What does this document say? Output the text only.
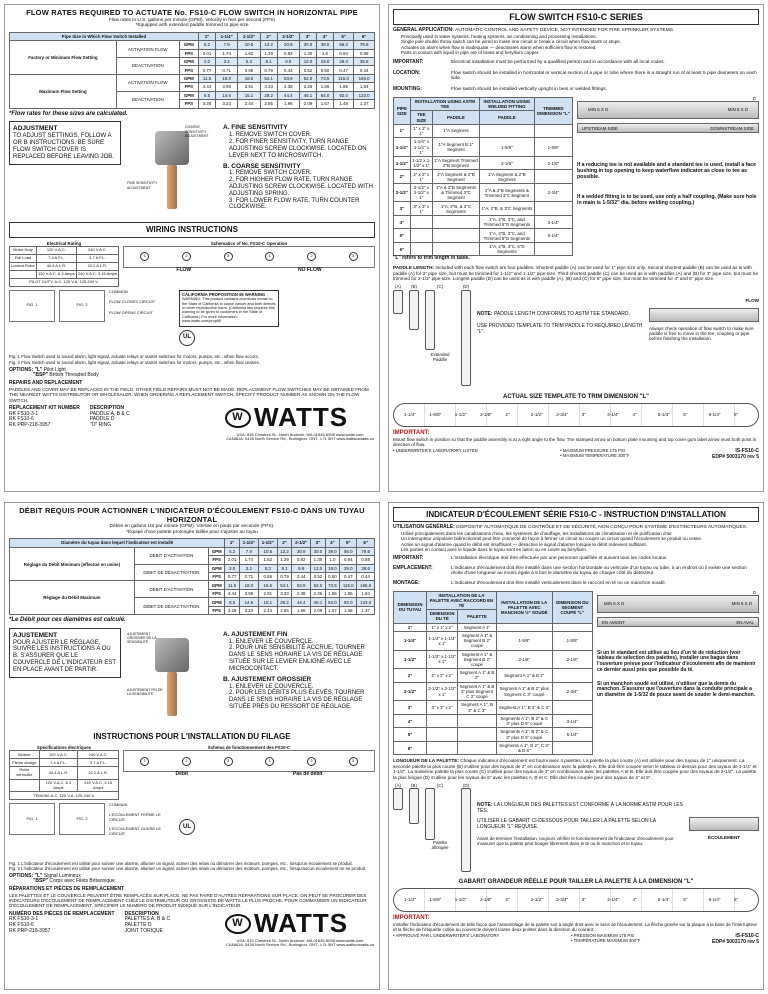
FLOW RATES REQUIRED TO ACTUATE No. FS10-C FLOW SWITCH IN HORIZONTAL PIPE
Flow rates in U.S. gallons per minute (GPM), Velocity in feet per second (FPS)
*Equipped with extended paddle trimmed to pipe size
Pipe Size in Which Flow Switch Installed			1"	1-1/4"	1-1/2"	2"	2-1/2"	3"	4"	5"	6"
Factory or Minimum Flow Setting	ACTIVATION FLOW	GPM	5.2	7.9	10.5	13.2	20.9	30.0	39.0	56.0	79.9
		FPS	2.01	1.74	1.62	1.29	0.92	1.30	1.0	0.94	0.88
	DEACTIVATION	GPM	2.0	3.2	5.3	8.1	9.9	12.0	19.0	29.0	39.6
		FPS	0.77	0.71	0.86	0.79	0.44	0.52	0.50	0.47	0.44
Maximum Flow Setting	ACTIVATION FLOW	GPM	11.5	18.0	18.6	54.1	53.9	52.0	73.5	115.0	166.0
		FPS	4.44	3.98	2.91	3.33	2.38	2.26	1.86	1.85	1.84
	DEACTIVATION	GPM	8.5	14.6	15.1	29.2	44.4	46.1	64.0	92.0	123.0
		FPS	3.28	3.23	2.44	2.65	1.96	2.09	1.67	1.48	1.37
*Flow rates for these sizes are calculated.
ADJUSTMENT
TO ADJUST SETTINGS, FOLLOW A OR B INSTRUCTIONS. BE SURE FLOW SWITCH COVER IS REPLACED BEFORE LEAVING JOB.
COARSE SENSITIVITY ADJUSTMENT
FINE SENSITIVITY ADJUSTMENT
A. FINE SENSITIVITY
1. REMOVE SWITCH COVER.
2. FOR FINER SENSITIVITY, TURN RANGE ADJUSTING SCREW CLOCKWISE. LOCATED ON LEVER NEXT TO MICROSWITCH.
B. COARSE SENSITIVITY
1. REMOVE SWITCH COVER.
2. FOR HIGHER FLOW RATE, TURN RANGE ADJUSTING SCREW CLOCKWISE. LOCATED WITH ADJUSTING SPRING.
3. FOR LOWER FLOW RATE, TURN COUNTER CLOCKWISE.
WIRING INSTRUCTIONS
Electrical Rating
Motor Duty	120 V.A.C.	240 V.A.C.
Full Load	7.4 A F.L.	3.7 A F.L.
Locked Rotor	44.4 A L.R.	22.2 A L.R.
	120 V.A.C. 6.3 Amps	240 V.A.C. 3.15 Amps
PILOT DUTY: A.C. 125 V.A. 125-240 V.		
Schematics of No. FS10-C Operation
1	2	3	1	2	3
FLOW	NO FLOW
FIG. 1	FIG. 2
COMMON
FLOW CLOSES CIRCUIT
FLOW OPENS CIRCUIT
CALIFORNIA PROPOSITION 65 WARNING
WARNING: This product contains chemicals known to the State of California to cause cancer and birth defects or other reproductive harm. (California law requires this warning to be given to customers in the State of California.) For more information: www.watts.com/prop65
UL
Fig. 1 Flow Switch used to sound alarm, light signal, actuate relays or starter switches for motors, pumps, etc., when flow occurs.
Fig. 2 Flow Switch used to sound alarm, light signal, actuate relays or starter switches for motors, pumps, etc., when flow ceases.
OPTIONS: "L" Pilot Light
"BSP" British Threaded Body
REPAIRS AND REPLACEMENT
PADDLES AND COVER MAY BE REPLACED IN THE FIELD. OTHER FIELD REPAIRS MUST NOT BE MADE. REPLACEMENT FLOW SWITCHES MAY BE OBTAINED FROM THE NEAREST WATTS DISTRIBUTOR OR WHOLESALER. WHEN ORDERING A REPLACEMENT SWITCH, SPECIFY PRODUCT NUMBER AS SHOWN ON THE FLOW SWITCH.
REPLACEMENT KIT NUMBER
RK FS10-3-1
RK FS10-6
RK PRP-218-3957
DESCRIPTION
PADDLE A, B & C
PADDLE D
"O" RING
W WATTS
USA: 815 Chestnut St., North Andover, MA 01845-6098 www.watts.com
CANADA: 5435 North Service Rd., Burlington, ONT., L7L 5H7 www.wattscanada.ca
FLOW SWITCH FS10-C SERIES
GENERAL APPLICATION: AUTOMATIC CONTROL AND SAFETY DEVICE, NOT INTENDED FOR FIRE SPRINKLER SYSTEMS.
Principally used in water systems, heating systems, air conditioning and processing installations.
Single pole double throw switch can be wired to make one circuit or break a circuit when flow starts or stops.
Actuates an alarm when flow is inadequate — deactivates alarm when sufficient flow is restored.
Parts in contact with liquid in pipe are of brass and beryllium copper.
IMPORTANT:	Electrical installation must be performed by a qualified person and in accordance with all local codes.
LOCATION:	Flow switch should be installed in horizontal or vertical section of a pipe or tube where there is a straight run of at least 5 pipe diameters on each side.
MOUNTING:	Flow switch should be installed vertically upright in tees or welded fittings.
PIPE SIZE	INSTALLATION USING ASTM TEE		INSTALLATION USING WELDED FITTING	TRIMMED DIMENSION "L"
	TEE SIZE	PADDLE	PADDLE	
1"	1" x 1" x 1"	1"A Segment		
1-1/4"	1-1/4" x 1-1/4" x 1"	1"A Segment B 1" Segment	1-5/8"	1-5/8"
1-1/2"	1-1/2 x 1-1/2" x 1"	1"A Segment Trimmed 2"B Segment	2-1/8"	2-1/8"
2"	2" x 2" x 1"	1"A Segment & 2"B Segment	1"A Segment & 2"B Segment	
2-1/2"	2-1/2" x 2-1/2" x 1"	1"A & 2"B Segments & Trimmed 3"C Segment	1"A & 2"B Segments & Trimmed 3"C Segment	2-3/4"
3"	3" x 3" x 1"	1"A, 2"B, & 3"C Segments	1"A, 2"B, & 3"C Segments	
4"			1"A, 2"B, 3"C, and Trimmed 6"D Segments	3-1/4"
5"			1"A, 2"B, 3"C, and Trimmed 6"D Segments	5-1/4"
6"			1"A, 2"B, 3"C, 6"D Segments	
MIN 5 X D	MIN 5 X D
D
UPSTREAM SIDE	DOWNSTREAM SIDE
If a reducing tee is not available and a standard tee is used, install a face bushing in top opening to keep waterflow indicator as close to tee as possible.
If a welded fitting is to be used, use only a half coupling. (Make sure hole in main is 1-5/32" dia. before welding coupling.)
"L" refers to trim length in table.
PADDLE LENGTH: Included with each flow switch are four paddles. Shortest paddle (A) can be used for 1" pipe size only. Second shortest paddle (B) can be used as is with paddle (A) for 2" pipe size, but must be trimmed for 1-1/4" and 1-1/2" pipe size. Third shortest paddle (C) can be used as is with paddles (A) and (B) for 3" pipe size, but must be trimmed for 2-1/2" pipe size. Longest paddle (D) can be used as is with paddle (A), (B) and (C) for 6" pipe size, but must be trimmed for 4" and 5" pipe size.
(A)	(B)	(C)
Extended Paddle
(D)
NOTE: PADDLE LENGTH CONFORMS TO ASTM TEE STANDARD.
USE PROVIDED TEMPLATE TO TRIM PADDLE TO REQUIRED LENGTH "L".
FLOW
Always check operation of flow switch to make sure paddle is free to move in the tee, coupling or pipe before finishing the installation.
ACTUAL SIZE TEMPLATE TO TRIM DIMENSION "L"
1-1/4"	1-5/8"	1-1/2"	2-1/8"	2"	2-1/2"	2-3/4"	3"	3-1/4"	4"	5-1/4"	5"	6-1/4"	6"
IMPORTANT:
Mount flow switch in position so that the paddle assembly is at a right angle to the flow. The stamped arrow on bottom plate mounting and top cover gum label arrow must both point in direction of flow.
• UNDERWRITER'S LABORATORY LISTED	• MAXIMUM PRESSURE 175 PSI
• MAXIMUM TEMPERATURE 300°F
IS-FS10-C
EDP# 5003170 rev 5
DÉBIT REQUIS POUR ACTIONNER L'INDICATEUR D'ÉCOULEMENT FS10-C DANS UN TUYAU HORIZONTAL
Débits en gallons US par minute (GPM), Vitesse en pieds par seconde (FPS).
*Équipé d'une palette prolongée taillée pour s'ajuster au tuyau
Diamètre du tuyau dans lequel l'indicateur est installé			1"	1-1/4"	1-1/2"	2"	2-1/2"	3"	4"	5"	6"
Réglage du Débit Minimum (effectué en usine)	DÉBIT D'ACTIVATION	GPM	5.2	7.9	10.5	13.2	20.9	30.0	39.0	56.0	79.9
		FPS	2.01	1.74	1.62	1.29	0.92	1.30	1.0	0.94	0.88
	DÉBIT DE DÉSACTIVATION	GPM	2.0	3.2	5.3	8.1	9.9	12.0	19.0	29.0	39.6
		FPS	0.77	0.71	0.86	0.79	0.44	0.52	0.50	0.47	0.44
Réglage du Débit Maximum	DÉBIT D'ACTIVATION	GPM	11.5	18.0	18.6	54.1	53.9	52.0	73.5	115.0	166.0
		FPS	4.44	3.98	2.91	3.33	2.38	2.26	1.86	1.85	1.84
	DÉBIT DE DÉSACTIVATION	GPM	8.5	14.6	15.1	29.2	44.4	46.1	64.0	92.0	123.0
		FPS	3.28	3.23	2.44	2.65	1.96	2.09	1.67	1.48	1.37
*Le Débit pour ces diamètres est calculé.
AJUSTEMENT
POUR AJUSTER LE RÉGLAGE, SUIVRE LES INSTRUCTIONS A OU B. S'ASSURER QUE LE COUVERCLE DE L'INDICATEUR EST EN PLACE AVANT DE PARTIR.
AJUSTEMENT GROSSIER DE LA SENSIBILITÉ
AJUSTEMENT FIN DE LA SENSIBILITÉ
A. AJUSTEMENT FIN
1. ENLEVER LE COUVERCLE.
2. POUR UNE SENSIBILITÉ ACCRUE, TOURNER DANS LE SENS HORAIRE LA VIS DE RÉGLAGE SITUÉE SUR LE LEVIER ENLIGNÉ AVEC LE MICROCONTACT.
B. AJUSTEMENT GROSSIER
1. ENLEVER LE COUVERCLE.
2. POUR LES DÉBITS PLUS ÉLEVÉS, TOURNER DANS LE SENS HORAIRE LA VIS DE RÉGLAGE SITUÉE PRÈS DU RESSORT DE RÉGLAGE.
INSTRUCTIONS POUR L'INSTALLATION DU FILAGE
Spécifications électriques
Moteur	120 V.A.C.	240 V.A.C.
Pleine charge	7.4 A F.L.	3.7 A F.L.
Rotor verrouillé	44.4 A L.R.	22.2 A L.R.
	120 V.A.C. 6.3 Amps	240 V.A.C. 3.15 Amps
TÉMOIN: A.C. 125 V.A. 125-240 V.		
Schéma de fonctionnement des FS10-C
1	2	3	1	2	3
Débit	Pas de débit
FIG. 1	FIG. 2
COMMUN
L'ÉCOULEMENT FERME LE CIRCUIT
L'ÉCOULEMENT OUVRE LE CIRCUIT
UL
Fig. 1 L'indicateur d'écoulement est utilisé pour sonner une alarme, allumer un signal, activer des relais ou démarrer des moteurs, pompes, etc., lorsqu'un écoulement se produit.
Fig. 2 L'indicateur d'écoulement est utilisé pour sonner une alarme, allumer un signal, activer des relais ou démarrer des moteurs, pompes, etc., lorsqu'aucun écoulement ne se produit.
OPTIONS: "L" Signal Lumineux
"BSP" Corps avec Filets Britannique
RÉPARATIONS ET PIÈCES DE REMPLACEMENT
LES PALETTES ET LE COUVERCLE PEUVENT ÊTRE REMPLACÉS SUR PLACE. NE PAS FAIRE D'AUTRES RÉPARATIONS SUR PLACE. ON PEUT SE PROCURER DES INDICATEURS D'ÉCOULEMENT DE REMPLACEMENT CHEZ LE DISTRIBUTEUR OU GROSSISTE DE WATTS LE PLUS PROCHE. POUR COMMANDER UN INDICATEUR D'ÉCOULEMENT DE REMPLACEMENT, SPÉCIFIER LE NUMÉRO DE PRODUIT INDIQUÉ SUR L'INDICATEUR.
NUMÉRO DES PIÈCES DE REMPLACEMENT
RK FS10-3-1
RK FS10-6
RK PRP-218-3957
DESCRIPTION
PALETTES A, B & C
PALETTE D
JOINT TORIQUE
W WATTS
USA: 815 Chestnut St., North Andover, MA 01845-6098 www.watts.com
CANADA: 5435 North Service Rd., Burlington, ONT., L7L 5H7 www.wattscanada.ca
INDICATEUR D'ÉCOULEMENT SÉRIE FS10-C - INSTRUCTION D'INSTALLATION
UTILISATION GÉNÉRALE: DISPOSITIF AUTOMATIQUE DE CONTRÔLE ET DE SÉCURITÉ, NON CONÇU POUR SYSTÈME D'EXTINCTEURS AUTOMATIQUES.
Utilisé principalement dans les canalisations d'eau, les systèmes de chauffage, les installations de climatisation et de purification d'air.
Un interrupteur unipolaire bidirectionnel peut être connecté de façon à fermer un circuit ou couper un circuit quand l'écoulement se produit ou cesse.
Active un signal d'alarme quand le débit est insuffisant — désactive le signal d'alarme lorsque le débit redevient suffisant.
Les parties en contact avec le liquide dans le tuyau sont en laiton ou en cuivre au béryllium.
IMPORTANT:	L'installation électrique doit être effectuée par une personne qualifiée et suivant tous les codes locaux.
EMPLACEMENT:	L'indicateur d'écoulement doit être installé dans une section horizontale ou verticale d'un tuyau ou tube, à un endroit où il existe une section droite d'une longueur au moins égale à 5 fois le diamètre du tuyau de chaque côté du détecteur.
MONTAGE:	L'indicateur d'écoulement doit être installé verticalement dans le raccord en té ou un manchon soudé.
DIMENSION DU TUYAU	INSTALLATION DE LA PALETTE AVEC RACCORD EN TÉ		INSTALLATION DE LA PALETTE AVEC MANCHON ½" SOUDÉ	DIMENSION DU SEGMENT COUPÉ "L"
	DIMENSION DU TÉ	PALETTE		
1"	1" x 1" x 1"	Segment A 1"		
1-1/4"	1-1/4" x 1-1/4" x 1"	Segment A 1" & Segment B 2" coupé	1-5/8"	1-5/8"
1-1/2"	1-1/2" x 1-1/2" x 1"	Segment A 1" & Segment B 2" coupé	2-1/8"	2-1/8"
2"	2" x 2" x 1"	Segment A 1" & B 2"	Segment A 1" & B 2"	
2-1/2"	2-1/2" x 2-1/2" x 1"	Segment A 1" & B 2" plus Segment C 3" coupé	Segment A 1" & B 2" plus Segment C 3" coupé	2-3/4"
3"	3" x 3" x 1"	Segment A 1", B 2" & C 3"	Segment A 1", B 2" & C 3"	
4"			Segments A 1", B 2" & C 3" plus D 6" coupé	3-1/4"
5"			Segments A 1", B 2" & C 3" plus D 6" coupé	5-1/4"
6"			Segments A 1", B 2", C 3" & D 6"	
MIN 5 X D	MIN 5 X D
D
EN AMONT	EN AVAL
Si un té standard est utilisé au lieu d'un té de réduction (voir tableau de sélection des palettes), installer une bague dans l'ouverture prévue pour l'indicateur d'écoulement afin de maintenir ce dernier aussi près que possible du té.
Si un manchon soudé est utilisé, n'utiliser que la demie du manchon. S'assurer que l'ouverture dans la conduite principale a un diamètre de 1-5/32 de pouce avant de souder le demi-manchon.
LONGUEUR DE LA PALETTE: Chaque indicateur d'écoulement est fourni avec 4 palettes. La palette la plus courte (A) est utilisée pour des tuyaux de 1" uniquement. La seconde palette la plus courte (B) s'utilise pour des tuyaux de 2" en combinaison avec la palette A. Elle doit être coupée selon le tableau ci-dessus pour des tuyaux de 1-1/4" et 1-1/2". La troisième palette la plus courte (C) s'utilise pour des tuyaux de 3" en combinaison avec les palettes A et B. Elle doit être coupée pour des tuyaux de 2-1/2". La palette la plus longue (D) s'utilise pour les tuyaux de 6" avec les palettes A, B et C. Elle doit être coupée pour des tuyaux de 4" et 5".
(A)	(B)	(C)
Palette allongée
(D)
NOTE: LA LONGUEUR DES PALETTES EST CONFORME À LA NORME ASTM POUR LES TÉS.
UTILISER LE GABARIT CI-DESSOUS POUR TAILLER LA PALETTE SELON LA LONGUEUR "L" REQUISE.
Avant de terminer l'installation, toujours vérifier le fonctionnement de l'indicateur d'écoulement pour s'assurer que la palette peut bouger librement dans le té ou le manchon et le tuyau.
ÉCOULEMENT
GABARIT GRANDEUR RÉELLE POUR TAILLER LA PALETTE À LA DIMENSION "L"
1-1/4"	1-5/8"	1-1/2"	2-1/8"	2"	2-1/2"	2-3/4"	3"	3-1/4"	4"	5-1/4"	5"	6-1/4"	6"
IMPORTANT:
Installer l'indicateur d'écoulement de telle façon que l'assemblage de la palette soit à angle droit avec le sens de l'écoulement. La flèche gravée sur la plaque à la base de l'interrupteur et la flèche de l'étiquette collée au couvercle doivent toutes deux pointer dans la direction du courant.
• APPROUVÉ PAR L'UNDERWRITER'S LABORATORY	• PRESSION MAXIMUM 175 PSI
• TEMPÉRATURE MAXIMUM 300°F
IS-FS10-C
EDP# 5003170 rev 5
